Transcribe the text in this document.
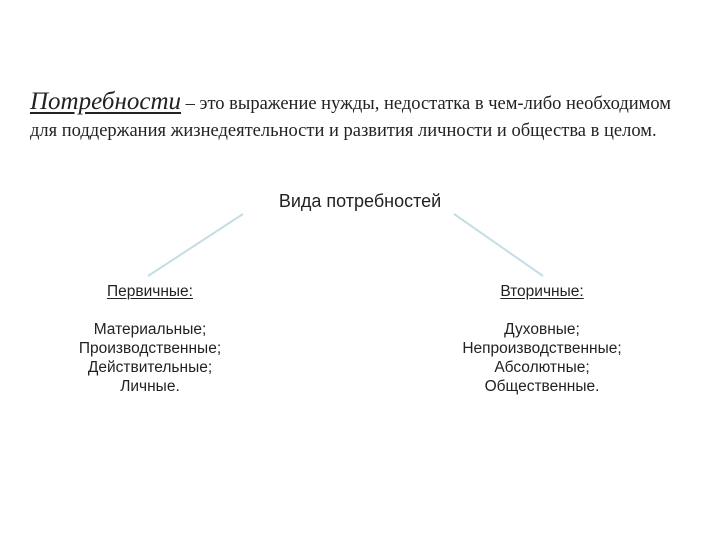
Потребности – это выражение нужды, недостатка в чем-либо необходимом для поддержания жизнедеятельности и развития личности и общества в целом.
Вида потребностей
Первичные:
Материальные;
Производственные;
Действительные;
Личные.
Вторичные:
Духовные;
Непроизводственные;
Абсолютные;
Общественные.
